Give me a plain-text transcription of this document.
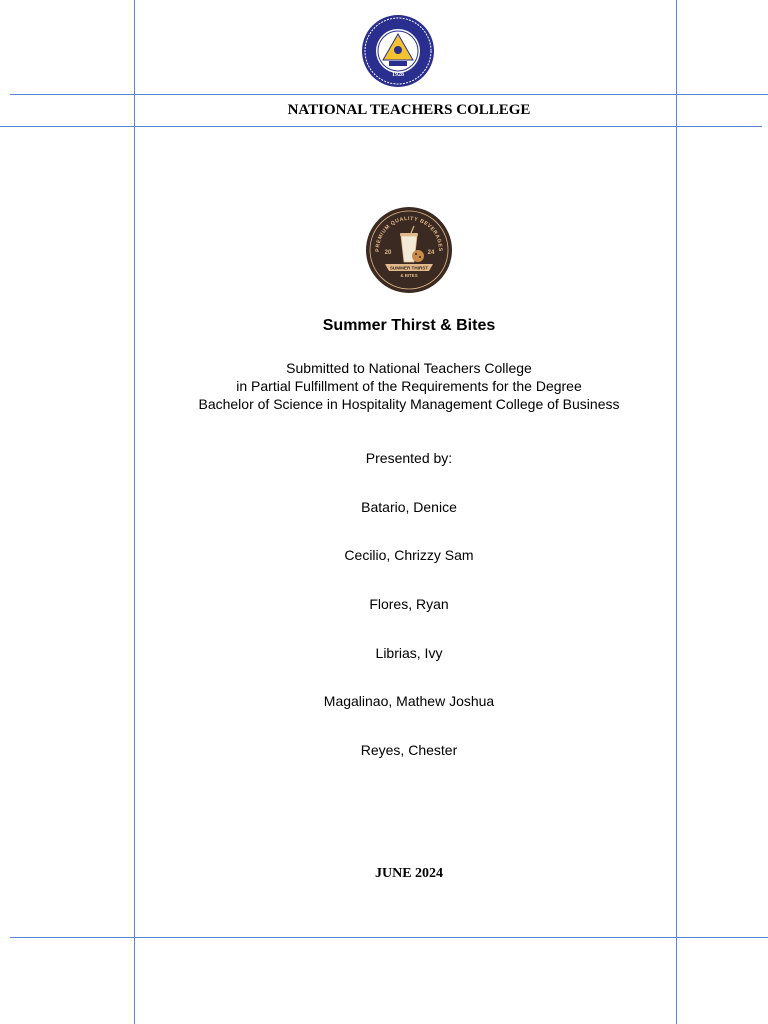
1928
NATIONAL TEACHERS COLLEGE
PREMIUM QUALITY BEVERAGES
20	24
SUMMER THIRST
& BITES
Summer Thirst & Bites
Submitted to National Teachers College
in Partial Fulfillment of the Requirements for the Degree
Bachelor of Science in Hospitality Management College of Business
Presented by:
Batario, Denice
Cecilio, Chrizzy Sam
Flores, Ryan
Librias, Ivy
Magalinao, Mathew Joshua
Reyes, Chester
JUNE 2024
